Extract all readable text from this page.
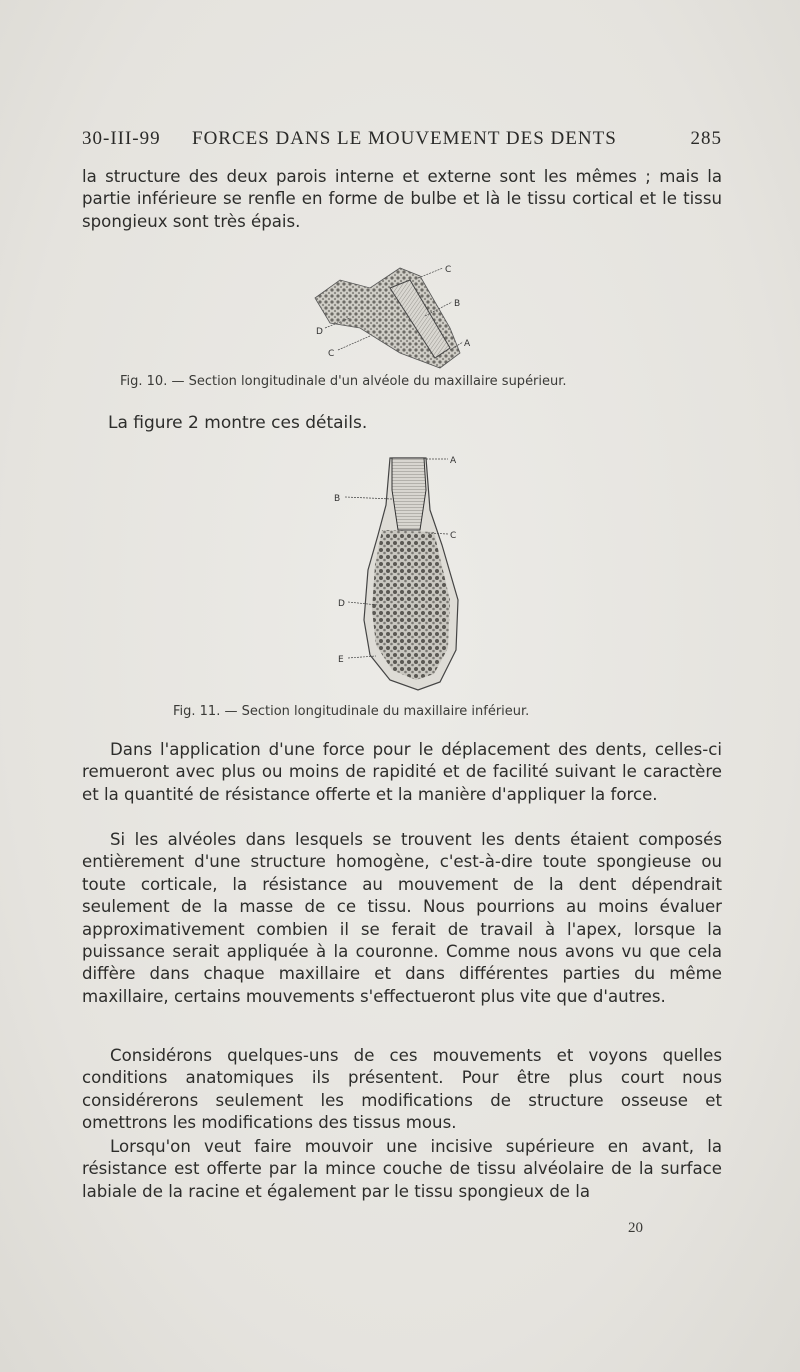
30-III-99 FORCES DANS LE MOUVEMENT DES DENTS	285
la structure des deux parois interne et externe sont les mêmes ; mais la partie inférieure se renfle en forme de bulbe et là le tissu cortical et le tissu spongieux sont très épais.
C
B
A
D
C
Fig. 10. — Section longitudinale d'un alvéole du maxillaire supérieur.
La figure 2 montre ces détails.
A
B
C
D
E
Fig. 11. — Section longitudinale du maxillaire inférieur.
Dans l'application d'une force pour le déplacement des dents, celles-ci remueront avec plus ou moins de rapidité et de facilité suivant le caractère et la quantité de résistance offerte et la manière d'appliquer la force.
Si les alvéoles dans lesquels se trouvent les dents étaient composés entièrement d'une structure homogène, c'est-à-dire toute spongieuse ou toute corticale, la résistance au mouvement de la dent dépendrait seulement de la masse de ce tissu. Nous pourrions au moins évaluer approximativement combien il se ferait de travail à l'apex, lorsque la puissance serait appliquée à la couronne. Comme nous avons vu que cela diffère dans chaque maxillaire et dans différentes parties du même maxillaire, certains mouvements s'effectueront plus vite que d'autres.
Considérons quelques-uns de ces mouvements et voyons quelles conditions anatomiques ils présentent. Pour être plus court nous considérerons seulement les modifications de structure osseuse et omettrons les modifications des tissus mous.
Lorsqu'on veut faire mouvoir une incisive supérieure en avant, la résistance est offerte par la mince couche de tissu alvéolaire de la surface labiale de la racine et également par le tissu spongieux de la
20
